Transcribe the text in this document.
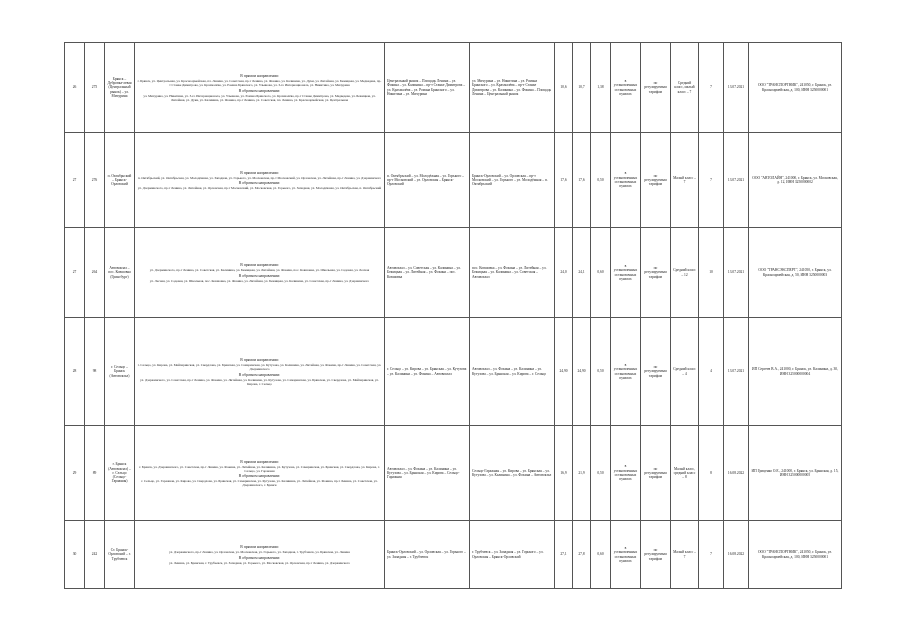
26	275	Брянск – Дубровка-левая (Центральный рынок) – ул. Мичурина	В прямом направлении:
г. Брянск, ул. Центральная, ул. Красноармейская, пл. Ленина, ул. Советская, пр-т Ленина, ул. Фокина, ул. Калинина, ул. Дуки, ул. Литейная, ул. Бежицкая, ул. Медведева, пр-т Станке Димитрова, ул. Крахмалёва, ул. Романа Брянского, ул. Ульянова, ул. 3-го Интернационала, ул. Никитина, ул. Мичурина
В обратном направлении:
ул. Мичурина, ул. Никитина, ул. 3-го Интернационала, ул. Ульянова, ул. Романа Брянского, ул. Крахмалёва, пр-т Станке Димитрова, ул. Медведева, ул. Бежицкая, ул. Литейная, ул. Дуки, ул. Калинина, ул. Фокина, пр-т Ленина, ул. Советская, пл. Ленина, ул. Красноармейская, ул. Центральная	Центральный рынок – Площадь Ленина – ул. Фокина – ул. Калинина – пр-т Станке Димитрова – ул. Крахмалёва – ул. Романа Брянского – ул. Никитина – ул. Мичурина	ул. Мичурина – ул. Никитина – ул. Романа Брянского – ул. Крахмалёва – пр-т Станке Димитрова – ул. Калинина – ул. Фокина – Площадь Ленина – Центральный рынок	10,6	10,7	1,38	в установленных остановочных пунктах	по регулируемым тарифам	Средний класс, малый класс – 7	7	13.07.2021	ООО "ТРАНСПОРТНИК", 241050, г. Брянск, ул. Красноармейская, д. 100, ИНН 3250000001
27	276	п. Октябрьский – Брянск-Орловский	В прямом направлении:
п. Октябрьский, ул. Октябрьская, ул. Молодёжная, ул. Западная, ул. Горького, ул. Московская, пр-т Московский, ул. Орловская, ул. Литейная, пр-т Ленина, ул. Дзержинского
В обратном направлении:
ул. Дзержинского, пр-т Ленина, ул. Литейная, ул. Орловская, пр-т Московский, ул. Московская, ул. Горького, ул. Западная, ул. Молодёжная, ул. Октябрьская, п. Октябрьский	п. Октябрьский – ул. Молодёжная – ул. Горького – пр-т Московский – ул. Орловская – Брянск-Орловский	Брянск-Орловский – ул. Орловская – пр-т Московский – ул. Горького – ул. Молодёжная – п. Октябрьский	17,6	17,6	0,50	в установленных остановочных пунктах	по регулируемым тарифам	Малый класс – 7	7	13.07.2021	ООО "АВТОЛАЙН", 241000, г. Брянск, ул. Московская, д. 12, ИНН 3250000002
27	264	Автовокзал – пос. Ковшовка (Гринсбург)	В прямом направлении:
ул. Дзержинского, пр-т Ленина, ул. Советская, ул. Калинина, ул. Бежицкая, ул. Литейная, ул. Фокина, пос. Ковшовка, ул. Школьная, ул. Садовая, ул. Лесная
В обратном направлении:
ул. Лесная, ул. Садовая, ул. Школьная, пос. Ковшовка, ул. Фокина, ул. Литейная, ул. Бежицкая, ул. Калинина, ул. Советская, пр-т Ленина, ул. Дзержинского	Автовокзал – ул. Советская – ул. Калинина – ул. Бежицкая – ул. Литейная – ул. Фокина – пос. Ковшовка	пос. Ковшовка – ул. Фокина – ул. Литейная – ул. Бежицкая – ул. Калинина – ул. Советская – Автовокзал	24,0	24,1	0,60	в установленных остановочных пунктах	по регулируемым тарифам	Средний класс – 12	10	13.07.2021	ООО "ТРАНСЭКСПЕРТ", 241050, г. Брянск, ул. Красноармейская, д. 50, ИНН 3250000003
28	98	г. Сельцо – Брянск (Автовокзал)	В прямом направлении:
г. Сельцо, ул. Кирова, ул. Мейпаринская, ул. Свердлова, ул. Брянская, ул. Самаринская, ул. Кутузова, ул. Калинина, ул. Литейная, ул. Фокина, пр-т Ленина, ул. Советская, ул. Дзержинского
В обратном направлении:
ул. Дзержинского, ул. Советская, пр-т Ленина, ул. Фокина, ул. Литейная, ул. Калинина, ул. Кутузова, ул. Самаринская, ул. Брянская, ул. Свердлова, ул. Мейпаринская, ул. Кирова, г. Сельцо	г. Сельцо – ул. Кирова – ул. Брянская – ул. Кутузова – ул. Калинина – ул. Фокина – Автовокзал	Автовокзал – ул. Фокина – ул. Калинина – ул. Кутузова – ул. Брянская – ул. Кирова – г. Сельцо	24,90	24,90	0,50	в установленных остановочных пунктах	по регулируемым тарифам	Средний класс – 4	4	13.07.2021	ИП Сергеев В.А., 241000, г. Брянск, ул. Калинина, д. 30, ИНН 325000000004
29	89	г. Брянск (Автовокзал) – г. Сельцо (Сельцо-Гаражная)	В прямом направлении:
г. Брянск, ул. Дзержинского, ул. Советская, пр-т Ленина, ул. Фокина, ул. Литейная, ул. Калинина, ул. Кутузова, ул. Самаринская, ул. Брянская, ул. Свердлова, ул. Кирова, г. Сельцо, ул. Гаражная
В обратном направлении:
г. Сельцо, ул. Гаражная, ул. Кирова, ул. Свердлова, ул. Брянская, ул. Самаринская, ул. Кутузова, ул. Калинина, ул. Литейная, ул. Фокина, пр-т Ленина, ул. Советская, ул. Дзержинского, г. Брянск	Автовокзал – ул. Фокина – ул. Калинина – ул. Кутузова – ул. Брянская – ул. Кирова – Сельцо-Гаражная	Сельцо-Гаражная – ул. Кирова – ул. Брянская – ул. Кутузова – ул. Калинина – ул. Фокина – Автовокзал	16,9	21,9	0,50	в установленных остановочных пунктах	по регулируемым тарифам	Малый класс, средний класс – 8	8	16.08.2022	ИП Гриценко О.Е., 241000, г. Брянск, ул. Брянская, д. 15, ИНН 325000000005
30	242	Ст. Брянск-Орловский – г. Трубчевск	В прямом направлении:
ул. Дзержинского, пр-т Ленина, ул. Орловская, ул. Московская, ул. Горького, ул. Западная, г. Трубчевск, ул. Брянская, ул. Ленина
В обратном направлении:
ул. Ленина, ул. Брянская, г. Трубчевск, ул. Западная, ул. Горького, ул. Московская, ул. Орловская, пр-т Ленина, ул. Дзержинского	Брянск-Орловский – ул. Орловская – ул. Горького – ул. Западная – г. Трубчевск	г. Трубчевск – ул. Западная – ул. Горького – ул. Орловская – Брянск-Орловский	27,1	27,8	0,60	в установленных остановочных пунктах	по регулируемым тарифам	Малый класс – 7	7	16.08.2022	ООО "ТРАНСПОРТНИК", 241050, г. Брянск, ул. Красноармейская, д. 100, ИНН 3250000001
